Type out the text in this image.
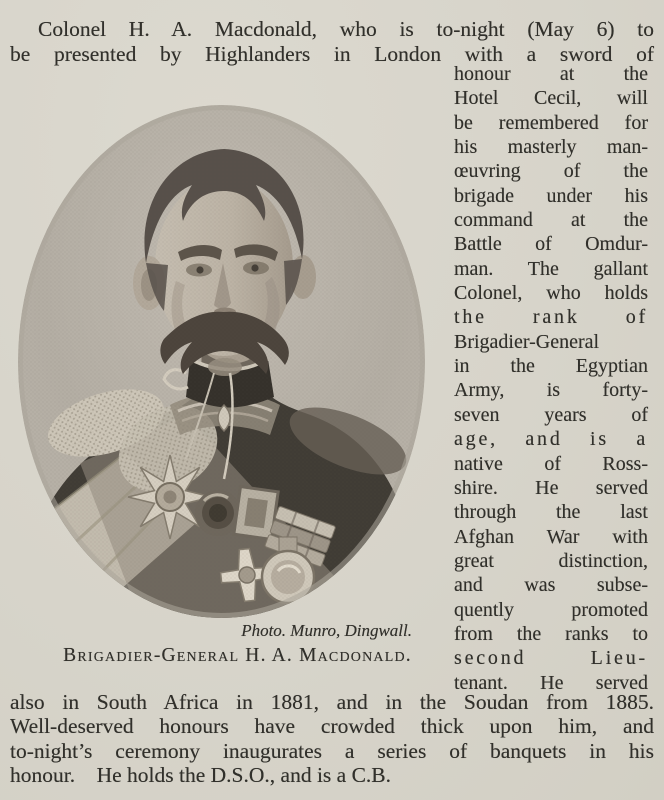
Colonel H. A. Macdonald, who is to-night (May 6) to
be presented by Highlanders in London with a sword of
honour at the
Hotel Cecil, will
be remembered for
his masterly man-
œuvring of the
brigade under his
command at the
Battle of Omdur-
man. The gallant
Colonel, who holds
the rank of
Brigadier-General
in the Egyptian
Army, is forty-
seven years of
age, and is a
native of Ross-
shire. He served
through the last
Afghan War with
great distinction,
and was subse-
quently promoted
from the ranks to
second Lieu-
tenant. He served
Photo. Munro, Dingwall.
Brigadier-General H. A. Macdonald.
also in South Africa in 1881, and in the Soudan from 1885.
Well-deserved honours have crowded thick upon him, and
to-night’s ceremony inaugurates a series of banquets in his
honour. He holds the D.S.O., and is a C.B.
